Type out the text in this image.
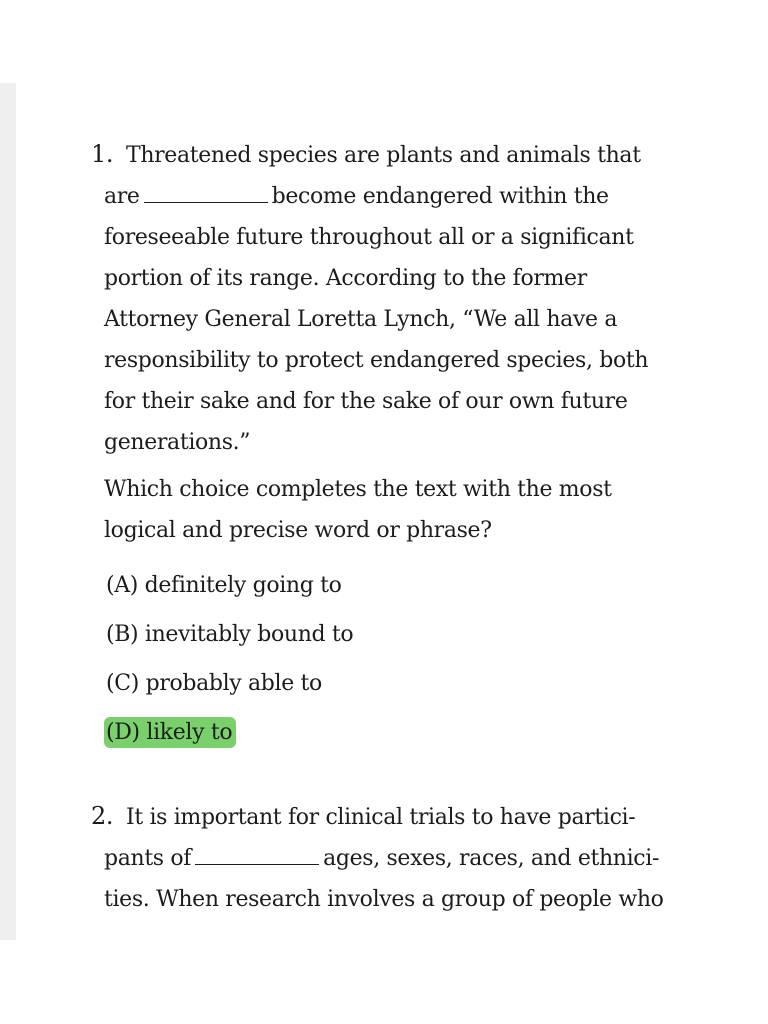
1. Threatened species are plants and animals that
are	become endangered within the
foreseeable future throughout all or a significant
portion of its range. According to the former
Attorney General Loretta Lynch, “We all have a
responsibility to protect endangered species, both
for their sake and for the sake of our own future
generations.”
Which choice completes the text with the most
logical and precise word or phrase?
(A) definitely going to
(B) inevitably bound to
(C) probably able to
(D) likely to
2. It is important for clinical trials to have partici-
pants of	ages, sexes, races, and ethnici-
ties. When research involves a group of people who
